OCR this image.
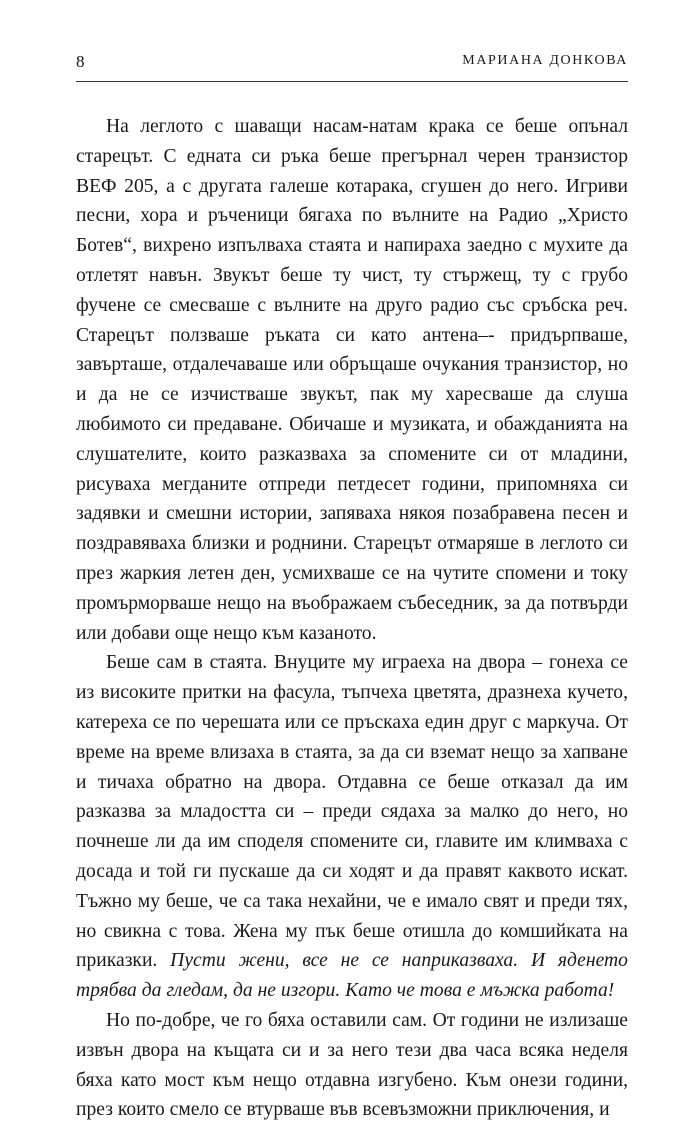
8	МАРИАНА ДОНКОВА

На леглото с шаващи насам-натам крака се беше опънал старецът. С едната си ръка беше прегърнал черен транзистор ВЕФ 205, а с другата галеше котарака, сгушен до него. Игриви песни, хора и ръченици бягаха по вълните на Радио „Христо Ботев“, вихрено изпълваха стаята и напираха заедно с мухите да отлетят навън. Звукът беше ту чист, ту стържещ, ту с грубо фучене се смесваше с вълните на друго радио със сръбска реч. Старецът ползваше ръката си като антена–- придърпваше, завърташе, отдалечаваше или обръщаше очукания транзистор, но и да не се изчистваше звукът, пак му харесваше да слуша любимото си предаване. Обичаше и музиката, и обажданията на слушателите, които разказваха за спомените си от младини, рисуваха мегданите отпреди петдесет години, припомняха си задявки и смешни истории, запяваха някоя позабравена песен и поздравяваха близки и роднини. Старецът отмаряше в леглото си през жаркия летен ден, усмихваше се на чутите спомени и току промърморваше нещо на въображаем събеседник, за да потвърди или добави още нещо към казаното.

Беше сам в стаята. Внуците му играеха на двора – гонеха се из високите притки на фасула, тъпчеха цветята, дразнеха кучето, катереха се по черешата или се пръскаха един друг с маркуча. От време на време влизаха в стаята, за да си вземат нещо за хапване и тичаха обратно на двора. Отдавна се беше отказал да им разказва за младостта си – преди сядаха за малко до него, но почнеше ли да им споделя спомените си, главите им климваха с досада и той ги пускаше да си ходят и да правят каквото искат. Тъжно му беше, че са така нехайни, че е имало свят и преди тях, но свикна с това. Жена му пък беше отишла до комшийката на приказки. Пусти жени, все не се наприказваха. И яденето трябва да гледам, да не изгори. Като че това е мъжка работа!

Но по-добре, че го бяха оставили сам. От години не излизаше извън двора на къщата си и за него тези два часа всяка неделя бяха като мост към нещо отдавна изгубено. Към онези години, през които смело се втурваше във всевъзможни приключения, и
